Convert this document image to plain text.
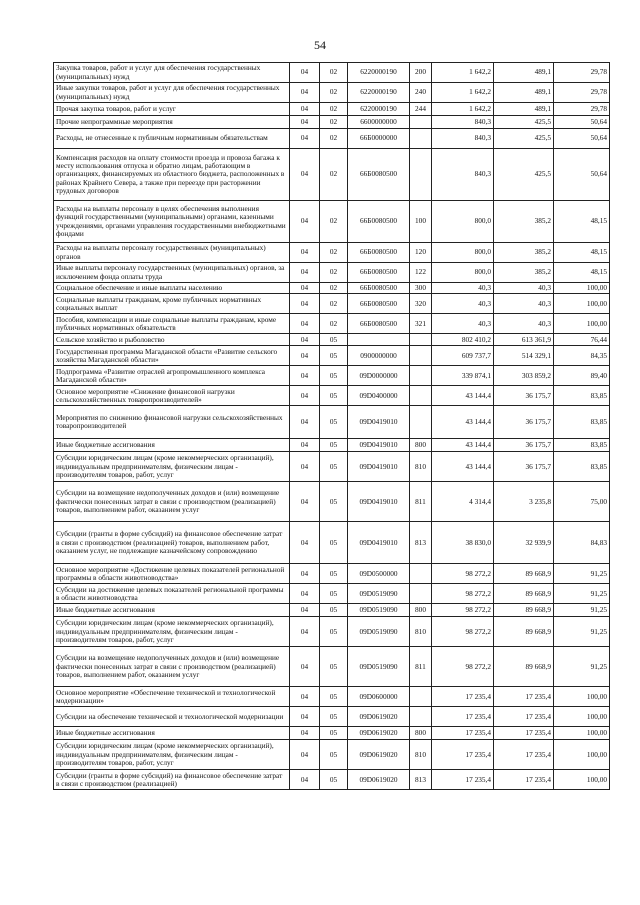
54
Закупка товаров, работ и услуг для обеспечения государственных (муниципальных) нужд	04	02	6220000190	200	1 642,2	489,1	29,78
Иные закупки товаров, работ и услуг для обеспечения государственных (муниципальных) нужд	04	02	6220000190	240	1 642,2	489,1	29,78
Прочая закупка товаров, работ и услуг	04	02	6220000190	244	1 642,2	489,1	29,78
Прочие непрограммные мероприятия	04	02	6600000000		840,3	425,5	50,64
Расходы, не отнесенные к публичным нормативным обязательствам	04	02	66Б0000000		840,3	425,5	50,64
Компенсация расходов на оплату стоимости проезда и провоза багажа к месту использования отпуска и обратно лицам, работающим в организациях, финансируемых из областного бюджета, расположенных в районах Крайнего Севера, а также при переезде при расторжении трудовых договоров	04	02	66Б0080500		840,3	425,5	50,64
Расходы на выплаты персоналу в целях обеспечения выполнения функций государственными (муниципальными) органами, казенными учреждениями, органами управления государственными внебюджетными фондами	04	02	66Б0080500	100	800,0	385,2	48,15
Расходы на выплаты персоналу государственных (муниципальных) органов	04	02	66Б0080500	120	800,0	385,2	48,15
Иные выплаты персоналу государственных (муниципальных) органов, за исключением фонда оплаты труда	04	02	66Б0080500	122	800,0	385,2	48,15
Социальное обеспечение и иные выплаты населению	04	02	66Б0080500	300	40,3	40,3	100,00
Социальные выплаты гражданам, кроме публичных нормативных социальных выплат	04	02	66Б0080500	320	40,3	40,3	100,00
Пособия, компенсации и иные социальные выплаты гражданам, кроме публичных нормативных обязательств	04	02	66Б0080500	321	40,3	40,3	100,00
Сельское хозяйство и рыболовство	04	05			802 410,2	613 361,9	76,44
Государственная программа Магаданской области «Развитие сельского хозяйства Магаданской области»	04	05	0900000000		609 737,7	514 329,1	84,35
Подпрограмма «Развитие отраслей агропромышленного комплекса Магаданской области»	04	05	09D0000000		339 874,1	303 859,2	89,40
Основное мероприятие «Снижение финансовой нагрузки сельскохозяйственных товаропроизводителей»	04	05	09D0400000		43 144,4	36 175,7	83,85
Мероприятия по снижению финансовой нагрузки сельскохозяйственных товаропроизводителей	04	05	09D0419010		43 144,4	36 175,7	83,85
Иные бюджетные ассигнования	04	05	09D0419010	800	43 144,4	36 175,7	83,85
Субсидии юридическим лицам (кроме некоммерческих организаций), индивидуальным предпринимателям, физическим лицам - производителям товаров, работ, услуг	04	05	09D0419010	810	43 144,4	36 175,7	83,85
Субсидии на возмещение недополученных доходов и (или) возмещение фактически понесенных затрат в связи с производством (реализацией) товаров, выполнением работ, оказанием услуг	04	05	09D0419010	811	4 314,4	3 235,8	75,00
Субсидии (гранты в форме субсидий) на финансовое обеспечение затрат в связи с производством (реализацией) товаров, выполнением работ, оказанием услуг, не подлежащие казначейскому сопровождению	04	05	09D0419010	813	38 830,0	32 939,9	84,83
Основное мероприятие «Достижение целевых показателей региональной программы в области животноводства»	04	05	09D0500000		98 272,2	89 668,9	91,25
Субсидии на достижение целевых показателей региональной программы в области животноводства	04	05	09D0519090		98 272,2	89 668,9	91,25
Иные бюджетные ассигнования	04	05	09D0519090	800	98 272,2	89 668,9	91,25
Субсидии юридическим лицам (кроме некоммерческих организаций), индивидуальным предпринимателям, физическим лицам - производителям товаров, работ, услуг	04	05	09D0519090	810	98 272,2	89 668,9	91,25
Субсидии на возмещение недополученных доходов и (или) возмещение фактически понесенных затрат в связи с производством (реализацией) товаров, выполнением работ, оказанием услуг	04	05	09D0519090	811	98 272,2	89 668,9	91,25
Основное мероприятие «Обеспечение технической и технологической модернизации»	04	05	09D0600000		17 235,4	17 235,4	100,00
Субсидии на обеспечение технической и технологической модернизации	04	05	09D0619020		17 235,4	17 235,4	100,00
Иные бюджетные ассигнования	04	05	09D0619020	800	17 235,4	17 235,4	100,00
Субсидии юридическим лицам (кроме некоммерческих организаций), индивидуальным предпринимателям, физическим лицам - производителям товаров, работ, услуг	04	05	09D0619020	810	17 235,4	17 235,4	100,00
Субсидии (гранты в форме субсидий) на финансовое обеспечение затрат в связи с производством (реализацией)	04	05	09D0619020	813	17 235,4	17 235,4	100,00
